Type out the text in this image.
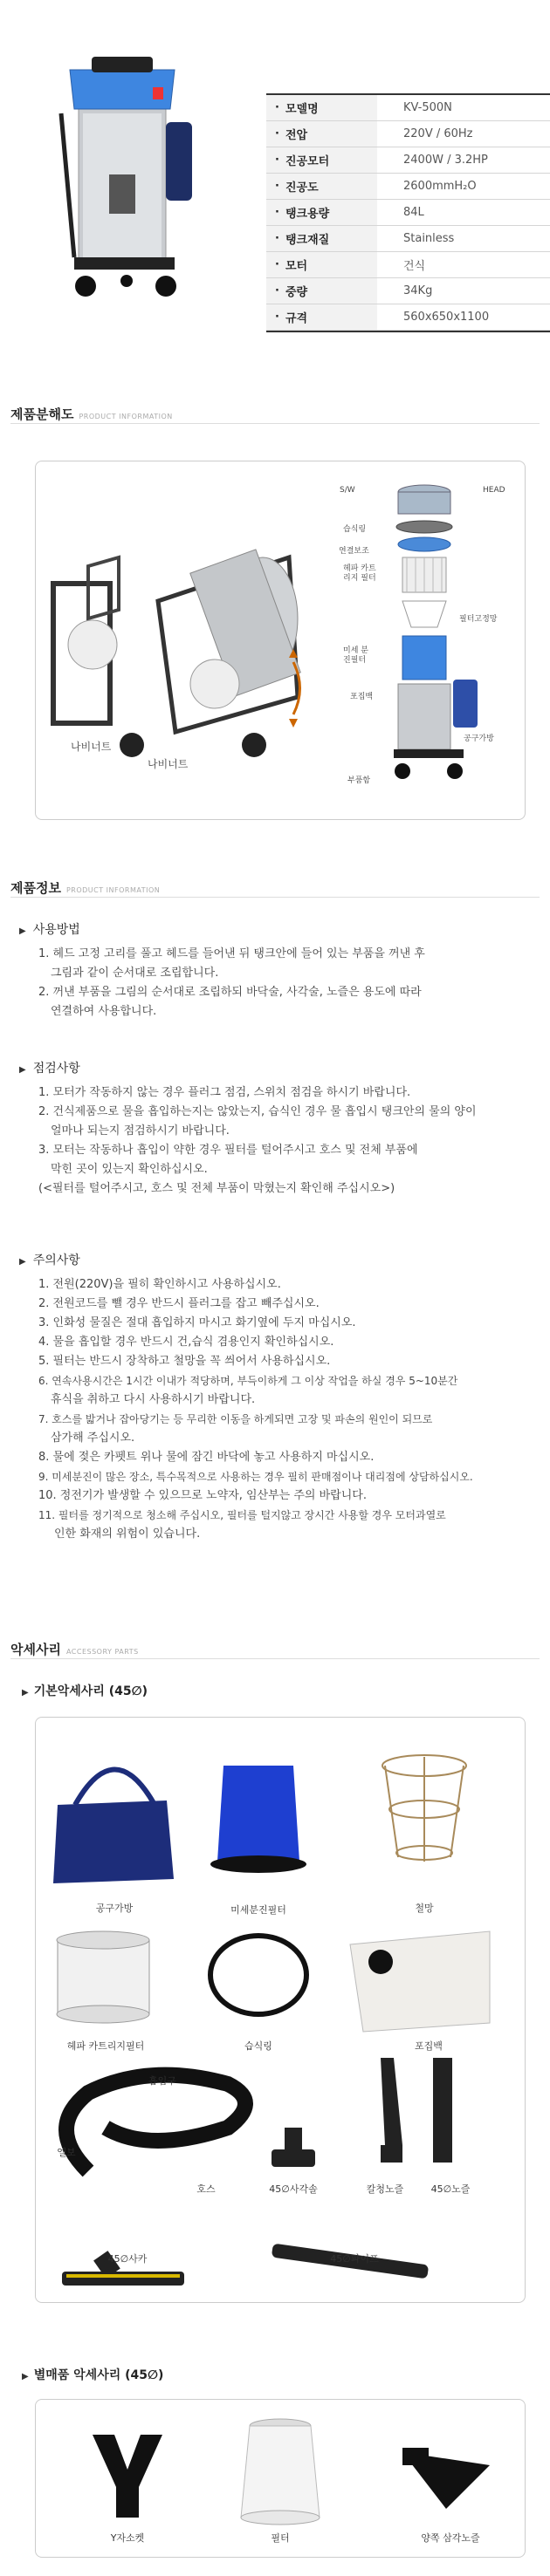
· 모델명	KV-500N
· 전압	220V / 60Hz
· 진공모터	2400W / 3.2HP
· 진공도	2600mmH₂O
· 탱크용량	84L
· 탱크재질	Stainless
· 모터	건식
· 중량	34Kg
· 규격	560x650x1100
제품분해도 PRODUCT INFORMATION
나비너트
나비너트
S/W	HEAD
습식링
연결보조
헤파 카트리지 필터
필터고정망
미세 분진필터
포집백
공구가방
부품함
제품정보 PRODUCT INFORMATION
▶ 사용방법
1. 헤드 고정 고리를 풀고 헤드를 들어낸 뒤 탱크안에 들어 있는 부품을 꺼낸 후
그림과 같이 순서대로 조립합니다.
2. 꺼낸 부품을 그림의 순서대로 조립하되 바닥술, 사각술, 노즐은 용도에 따라
연결하여 사용합니다.
▶ 점검사항
1. 모터가 작동하지 않는 경우 플러그 점검, 스위치 점검을 하시기 바랍니다.
2. 건식제품으로 물을 흡입하는지는 않았는지, 습식인 경우 물 흡입시 탱크안의 물의 양이
얼마나 되는지 점검하시기 바랍니다.
3. 모터는 작동하나 흡입이 약한 경우 필터를 털어주시고 호스 및 전체 부품에
막힌 곳이 있는지 확인하십시오.
(<필터를 털어주시고, 호스 및 전체 부품이 막혔는지 확인해 주십시오>)
▶ 주의사항
1. 전원(220V)을 필히 확인하시고 사용하십시오.
2. 전원코드를 뺄 경우 반드시 플러그를 잡고 빼주십시오.
3. 인화성 물질은 절대 흡입하지 마시고 화기옆에 두지 마십시오.
4. 물을 흡입할 경우 반드시 건,습식 겸용인지 확인하십시오.
5. 필터는 반드시 장착하고 철망을 꼭 씌어서 사용하십시오.
6. 연속사용시간은 1시간 이내가 적당하며, 부득이하게 그 이상 작업을 하실 경우 5~10분간
휴식을 취하고 다시 사용하시기 바랍니다.
7. 호스를 밟거나 잡아당기는 등 무리한 이동을 하게되면 고장 및 파손의 원인이 되므로
삼가해 주십시오.
8. 물에 젖은 카펫트 위나 물에 잠긴 바닥에 놓고 사용하지 마십시오.
9. 미세분진이 많은 장소, 특수목적으로 사용하는 경우 필히 판매점이나 대리점에 상담하십시오.
10. 정전기가 발생할 수 있으므로 노약자, 임산부는 주의 바랍니다.
11. 필터를 정기적으로 청소해 주십시오, 필터를 털지않고 장시간 사용할 경우 모터과열로
인한 화재의 위험이 있습니다.
악세사리 ACCESSORY PARTS
▶ 기본악세사리 (45∅)
공구가방	미세분진필터	철망
헤파 카트리지필터	습식링	포집백
흡입구
엘보
호스	45∅사각솔	칼청노즐	45∅노즐
45∅사카	45∅파이프
▶ 별매품 악세사리 (45∅)
Y자소켓	필터	양쪽 삼각노즐
